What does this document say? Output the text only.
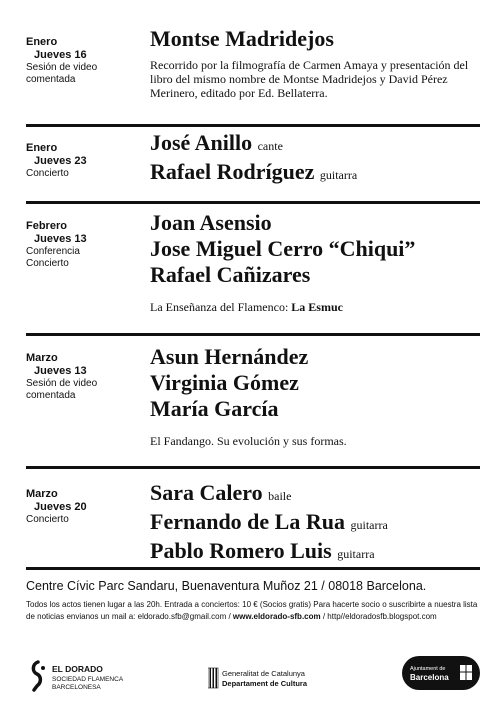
Enero
Jueves 16
Sesión de video
comentada
Montse Madridejos
Recorrido por la filmografía de Carmen Amaya y presentación del libro del mismo nombre de Montse Madridejos y David Pérez Merinero, editado por Ed. Bellaterra.
Enero
Jueves 23
Concierto
José Anillo cante
Rafael Rodríguez guitarra
Febrero
Jueves 13
Conferencia
Concierto
Joan Asensio
Jose Miguel Cerro “Chiqui”
Rafael Cañizares
La Enseñanza del Flamenco: La Esmuc
Marzo
Jueves 13
Sesión de video
comentada
Asun Hernández
Virginia Gómez
María García
El Fandango. Su evolución y sus formas.
Marzo
Jueves 20
Concierto
Sara Calero baile
Fernando de La Rua guitarra
Pablo Romero Luis guitarra
Centre Cívic Parc Sandaru, Buenaventura Muñoz 21 / 08018 Barcelona.
Todos los actos tienen lugar a las 20h. Entrada a conciertos: 10 € (Socios gratis) Para hacerte socio o suscribirte a nuestra lista
de noticias envianos un mail a: eldorado.sfb@gmail.com / www.eldorado-sfb.com / http//eldoradosfb.blogspot.com
EL DORADO
SOCIEDAD FLAMENCA
BARCELONESA
Generalitat de Catalunya
Departament de Cultura
Ajuntament de
Barcelona
